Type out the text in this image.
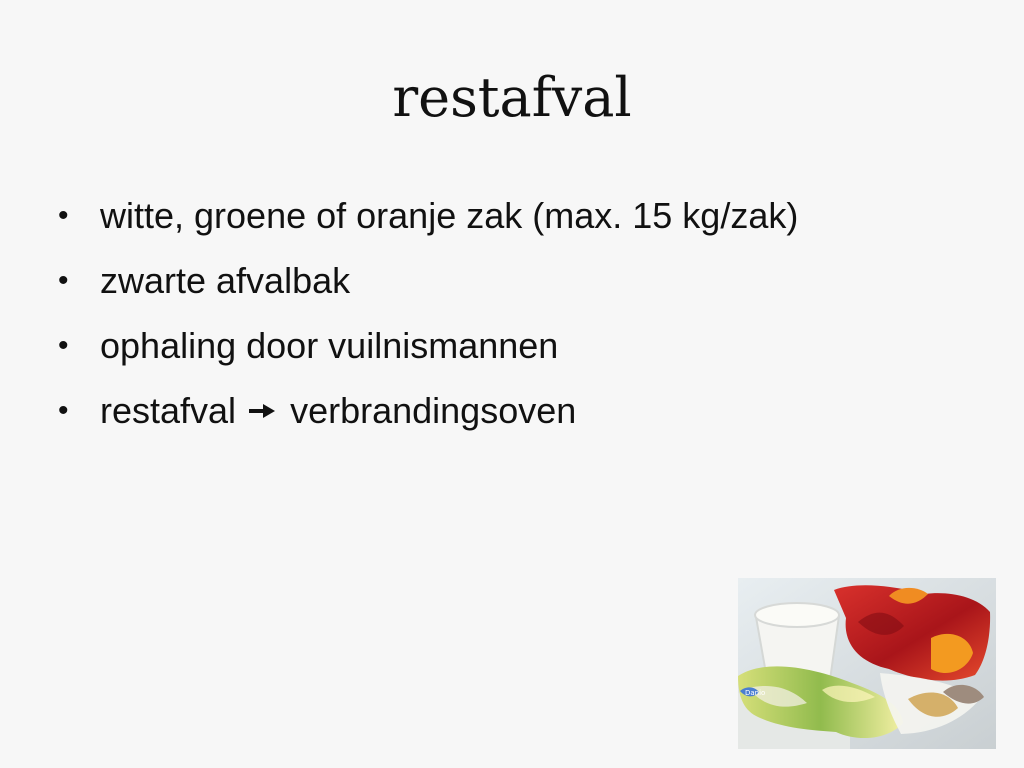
restafval
• witte, groene of oranje zak (max. 15 kg/zak)
• zwarte afvalbak
• ophaling door vuilnismannen
• restafval verbrandingsoven
Danio
